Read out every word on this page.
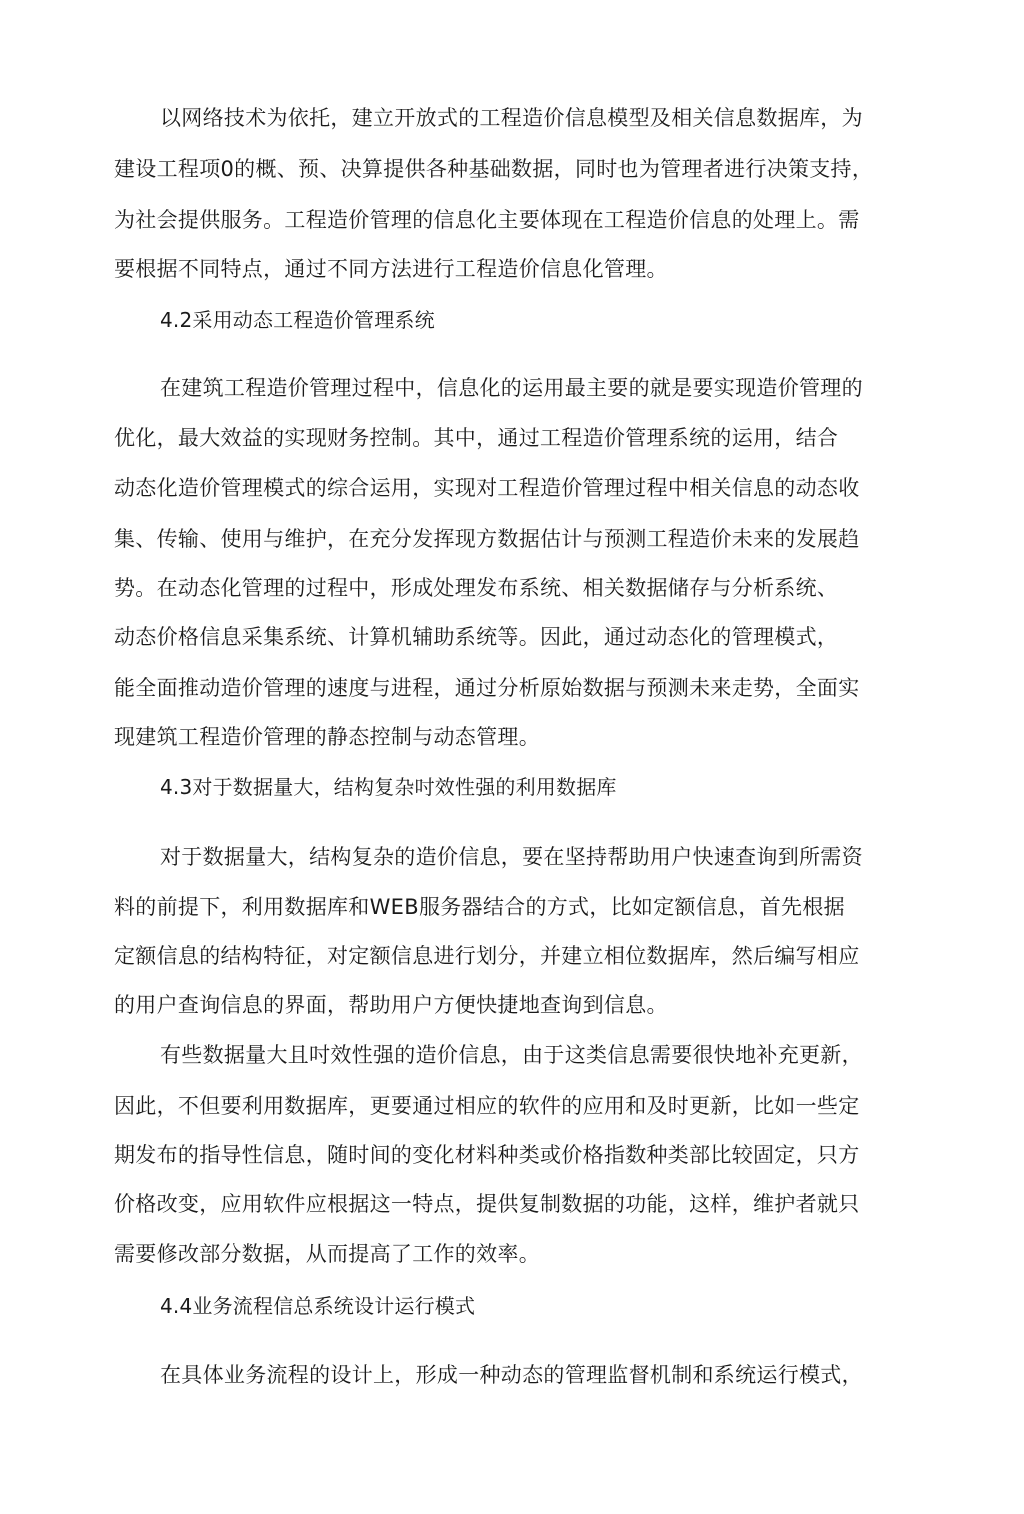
以网络技术为依托，建立开放式的工程造价信息模型及相关信息数据库，为
建设工程项0的概、预、决算提供各种基础数据，同时也为管理者进行决策支持，
为社会提供服务。工程造价管理的信息化主要体现在工程造价信息的处理上。需
要根据不同特点，通过不同方法进行工程造价信息化管理。
4.2采用动态工程造价管理系统
在建筑工程造价管理过程中，信息化的运用最主要的就是要实现造价管理的
优化，最大效益的实现财务控制。其中，通过工程造价管理系统的运用，结合
动态化造价管理模式的综合运用，实现对工程造价管理过程中相关信息的动态收
集、传输、使用与维护，在充分发挥现方数据估计与预测工程造价未来的发展趋
势。在动态化管理的过程中，形成处理发布系统、相关数据储存与分析系统、
动态价格信息采集系统、计算机辅助系统等。因此，通过动态化的管理模式，
能全面推动造价管理的速度与进程，通过分析原始数据与预测未来走势，全面实
现建筑工程造价管理的静态控制与动态管理。
4.3对于数据量大，结构复杂吋效性强的利用数据库
对于数据量大，结构复杂的造价信息，要在坚持帮助用户快速查询到所需资
料的前提下，利用数据库和WEB服务器结合的方式，比如定额信息，首先根据
定额信息的结构特征，对定额信息进行划分，并建立相位数据库，然后编写相应
的用户查询信息的界面，帮助用户方便快捷地查询到信息。
有些数据量大且吋效性强的造价信息，由于这类信息需要很快地补充更新，
因此，不但要利用数据库，更要通过相应的软件的应用和及时更新，比如一些定
期发布的指导性信息，随时间的变化材料种类或价格指数种类部比较固定，只方
价格改变，应用软件应根据这一特点，提供复制数据的功能，这样，维护者就只
需要修改部分数据，从而提高了工作的效率。
4.4业务流程信总系统设计运行模式
在具体业务流程的设计上，形成一种动态的管理监督机制和系统运行模式，
